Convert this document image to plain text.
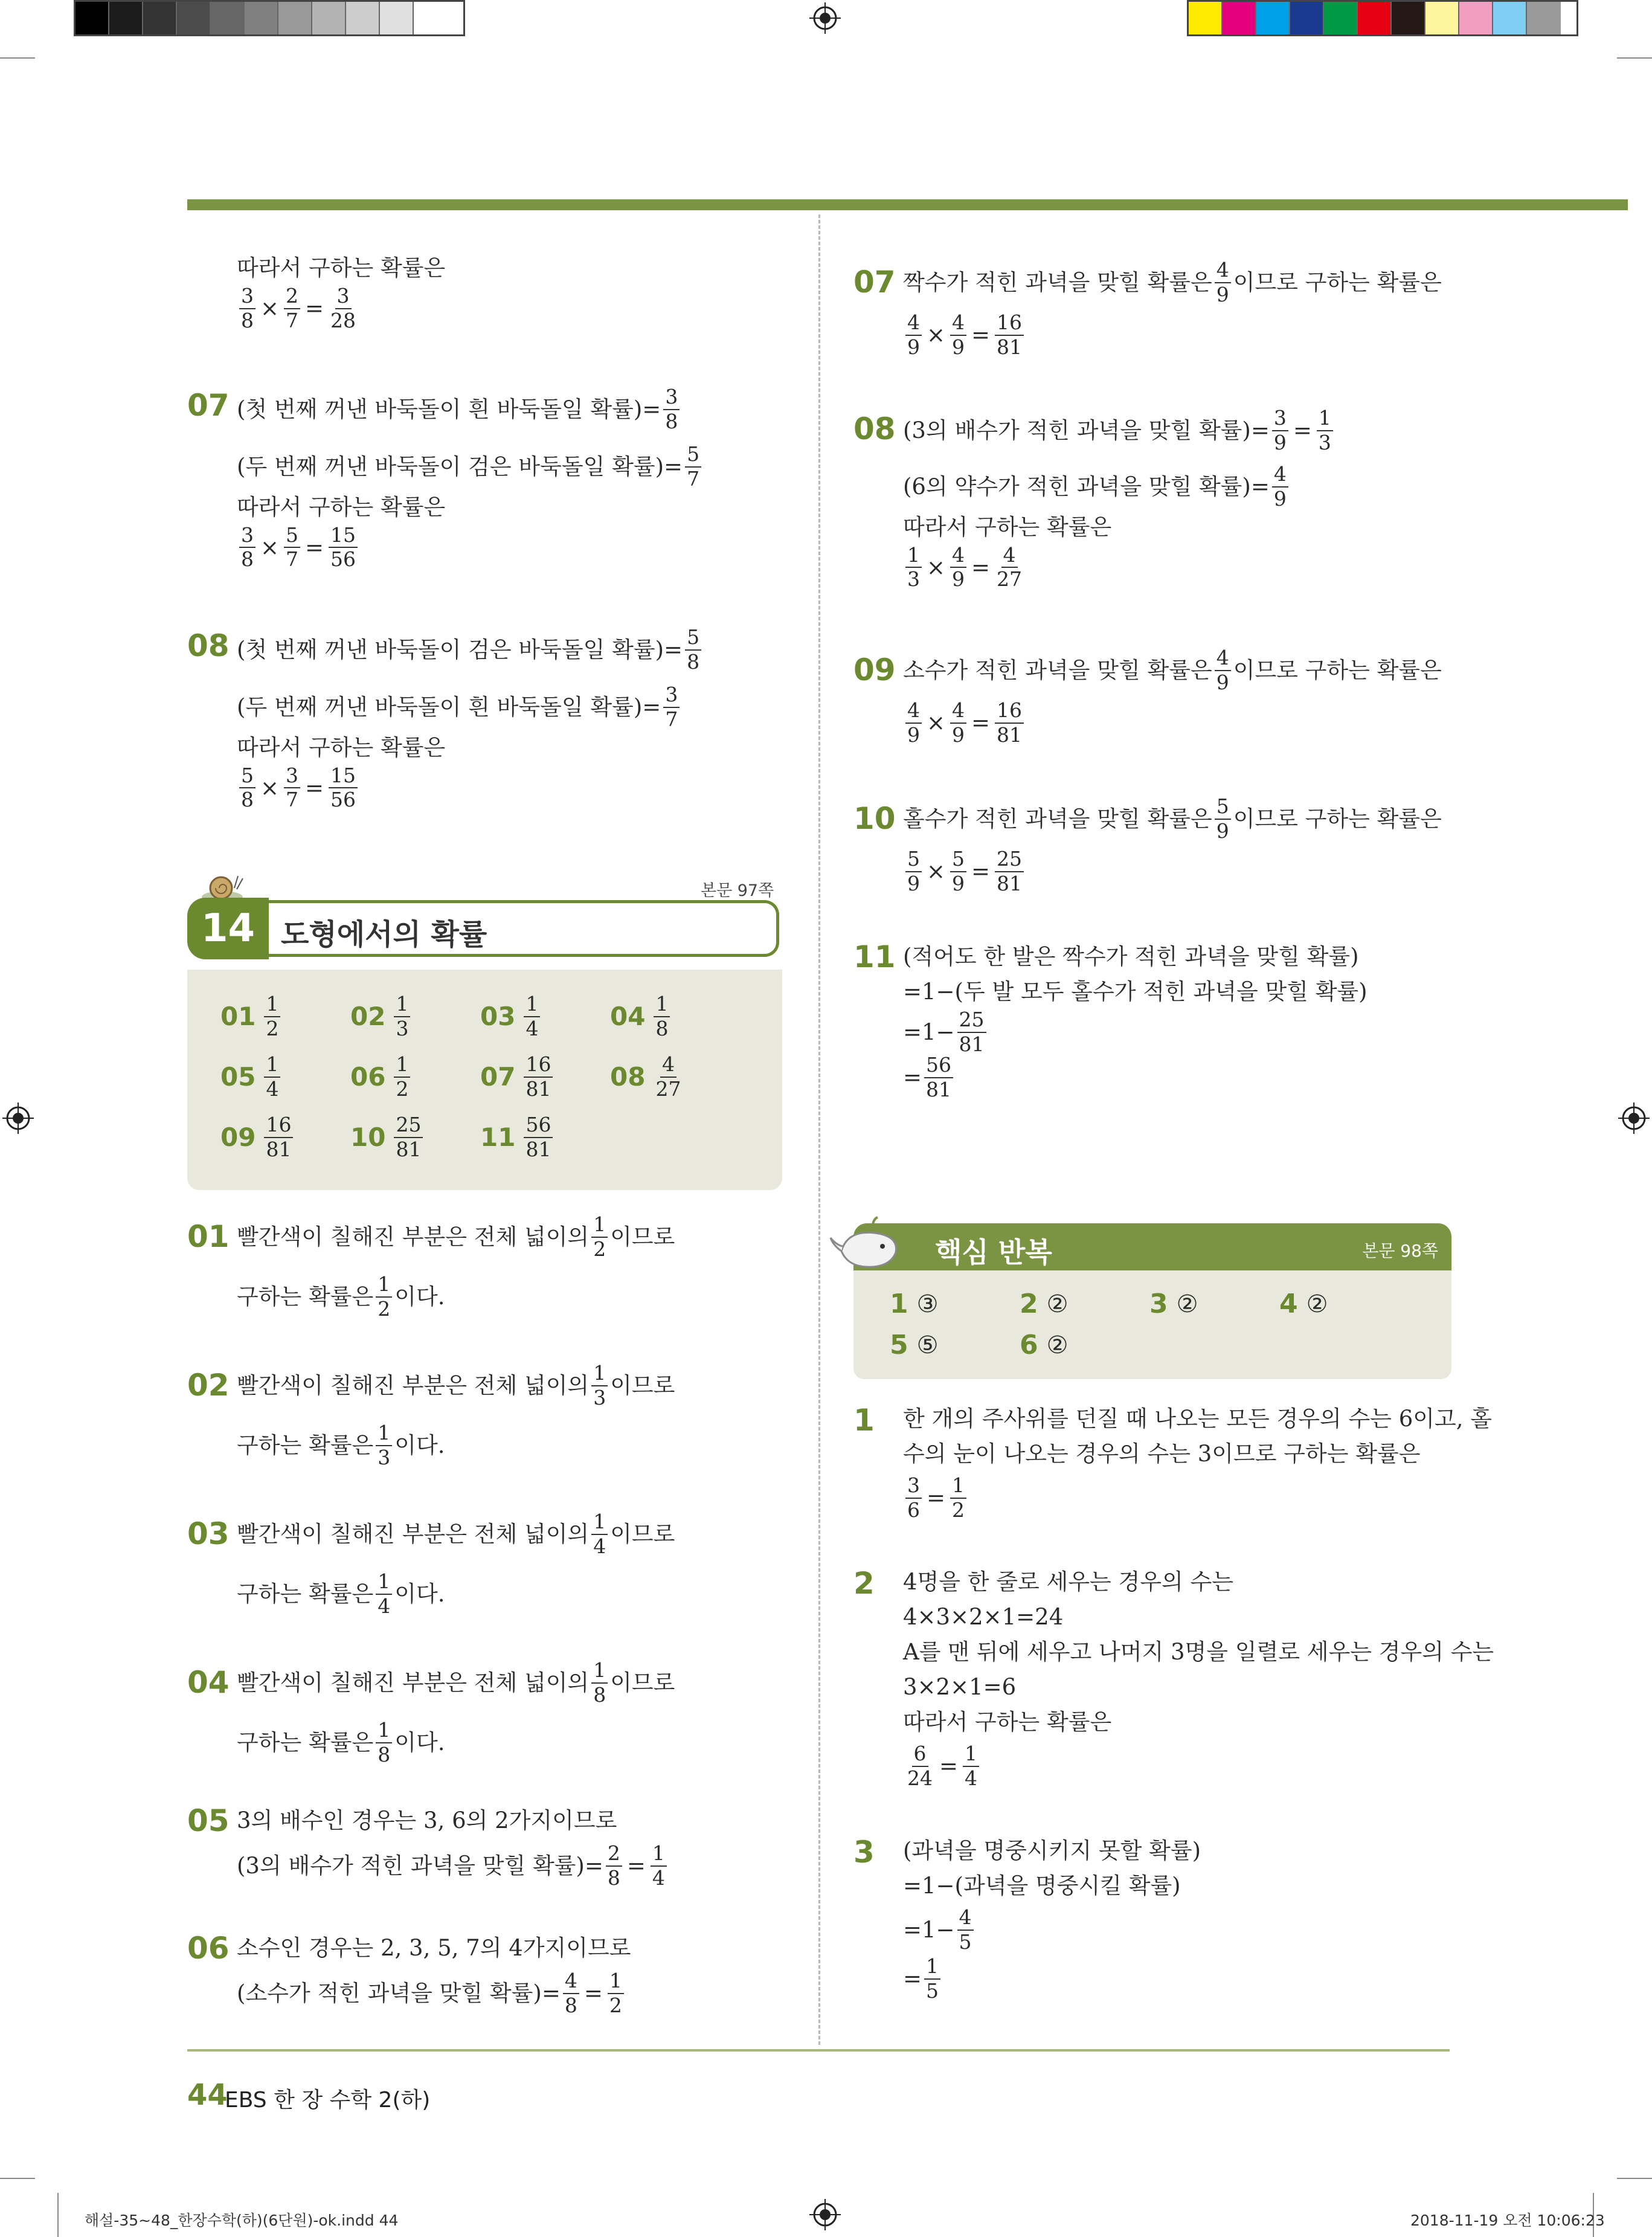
따라서 구하는 확률은
$\frac{3}{8} \times \frac{2}{7} = \frac{3}{28}$
07 (첫 번째 꺼낸 바둑돌이 흰 바둑돌일 확률)= $\frac{3}{8}$
(두 번째 꺼낸 바둑돌이 검은 바둑돌일 확률)= $\frac{5}{7}$
따라서 구하는 확률은
$\frac{3}{8} \times \frac{5}{7} = \frac{15}{56}$
08 (첫 번째 꺼낸 바둑돌이 검은 바둑돌일 확률)= $\frac{5}{8}$
(두 번째 꺼낸 바둑돌이 흰 바둑돌일 확률)= $\frac{3}{7}$
따라서 구하는 확률은
$\frac{5}{8} \times \frac{3}{7} = \frac{15}{56}$
본문 97쪽
14 도형에서의 확률
$01 \frac{1}{2}$	$02 \frac{1}{3}$	$03 \frac{1}{4}$	$04 \frac{1}{8}$
$05 \frac{1}{4}$	$06 \frac{1}{2}$	$07 \frac{16}{81} 08 \frac{4}{27}$
$09 \frac{16}{81} 10 \frac{25}{81} 11 \frac{56}{81}$
01 빨간색이 칠해진 부분은 전체 넓이의 $\frac{1}{2}$ 이므로
구하는 확률은 $\frac{1}{2}$ 이다.
02 빨간색이 칠해진 부분은 전체 넓이의 $\frac{1}{3}$ 이므로
구하는 확률은 $\frac{1}{3}$ 이다.
03 빨간색이 칠해진 부분은 전체 넓이의 $\frac{1}{4}$ 이므로
구하는 확률은 $\frac{1}{4}$ 이다.
04 빨간색이 칠해진 부분은 전체 넓이의 $\frac{1}{8}$ 이므로
구하는 확률은 $\frac{1}{8}$ 이다.
05 3의 배수인 경우는 3, 6의 2가지이므로
(3의 배수가 적힌 과녁을 맞힐 확률)= $\frac{2}{8} = \frac{1}{4}$
06 소수인 경우는 2, 3, 5, 7의 4가지이므로
(소수가 적힌 과녁을 맞힐 확률)= $\frac{4}{8} = \frac{1}{2}$
07 짝수가 적힌 과녁을 맞힐 확률은 $\frac{4}{9}$ 이므로 구하는 확률은
$\frac{4}{9} \times \frac{4}{9} = \frac{16}{81}$
08 (3의 배수가 적힌 과녁을 맞힐 확률)= $\frac{3}{9} = \frac{1}{3}$
(6의 약수가 적힌 과녁을 맞힐 확률)= $\frac{4}{9}$
따라서 구하는 확률은
$\frac{1}{3} \times \frac{4}{9} = \frac{4}{27}$
09 소수가 적힌 과녁을 맞힐 확률은 $\frac{4}{9}$ 이므로 구하는 확률은
$\frac{4}{9} \times \frac{4}{9} = \frac{16}{81}$
10 홀수가 적힌 과녁을 맞힐 확률은 $\frac{5}{9}$ 이므로 구하는 확률은
$\frac{5}{9} \times \frac{5}{9} = \frac{25}{81}$
11 (적어도 한 발은 짝수가 적힌 과녁을 맞힐 확률)
=1−(두 발 모두 홀수가 적힌 과녁을 맞힐 확률)
$=1- \frac{25}{81}$
= $\frac{56}{81}$
핵심 반복	본문 98쪽
1 ③	2 ②	3 ②	4 ②
5 ⑤	6 ②
1 한 개의 주사위를 던질 때 나오는 모든 경우의 수는 6이고, 홀
수의 눈이 나오는 경우의 수는 3이므로 구하는 확률은
$\frac{3}{6} = \frac{1}{2}$
2 4명을 한 줄로 세우는 경우의 수는
4×3×2×1=24
A를 맨 뒤에 세우고 나머지 3명을 일렬로 세우는 경우의 수는
3×2×1=6
따라서 구하는 확률은
$\frac{6}{24} = \frac{1}{4}$
3 (과녁을 명중시키지 못할 확률)
=1−(과녁을 명중시킬 확률)
$=1- \frac{4}{5}$
= $\frac{1}{5}$
44
EBS 한 장 수학 2(하)
해설-35~48_한장수학(하)(6단원)-ok.indd 44	2018-11-19 오전 10:06:23
